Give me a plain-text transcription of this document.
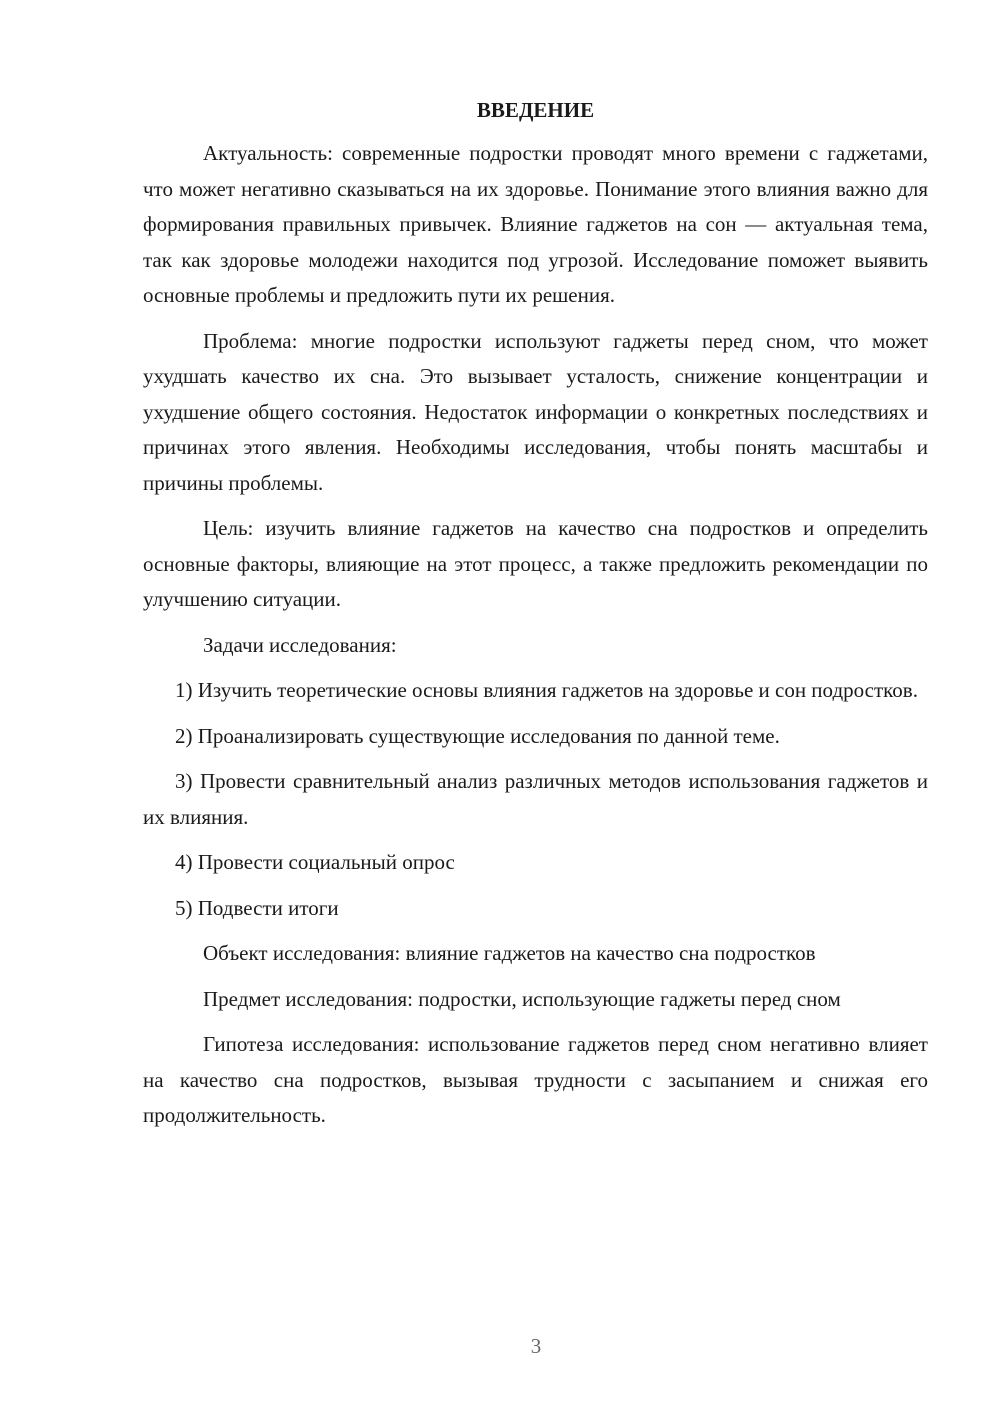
ВВЕДЕНИЕ

Актуальность: современные подростки проводят много времени с гаджетами, что может негативно сказываться на их здоровье. Понимание этого влияния важно для формирования правильных привычек. Влияние гаджетов на сон — актуальная тема, так как здоровье молодежи находится под угрозой. Исследование поможет выявить основные проблемы и предложить пути их решения.

Проблема: многие подростки используют гаджеты перед сном, что может ухудшать качество их сна. Это вызывает усталость, снижение концентрации и ухудшение общего состояния. Недостаток информации о конкретных последствиях и причинах этого явления. Необходимы исследования, чтобы понять масштабы и причины проблемы.

Цель: изучить влияние гаджетов на качество сна подростков и определить основные факторы, влияющие на этот процесс, а также предложить рекомендации по улучшению ситуации.

Задачи исследования:

1) Изучить теоретические основы влияния гаджетов на здоровье и сон подростков.

2) Проанализировать существующие исследования по данной теме.

3) Провести сравнительный анализ различных методов использования гаджетов и их влияния.

4) Провести социальный опрос

5) Подвести итоги

Объект исследования: влияние гаджетов на качество сна подростков

Предмет исследования: подростки, использующие гаджеты перед сном

Гипотеза исследования: использование гаджетов перед сном негативно влияет на качество сна подростков, вызывая трудности с засыпанием и снижая его продолжительность.

3
